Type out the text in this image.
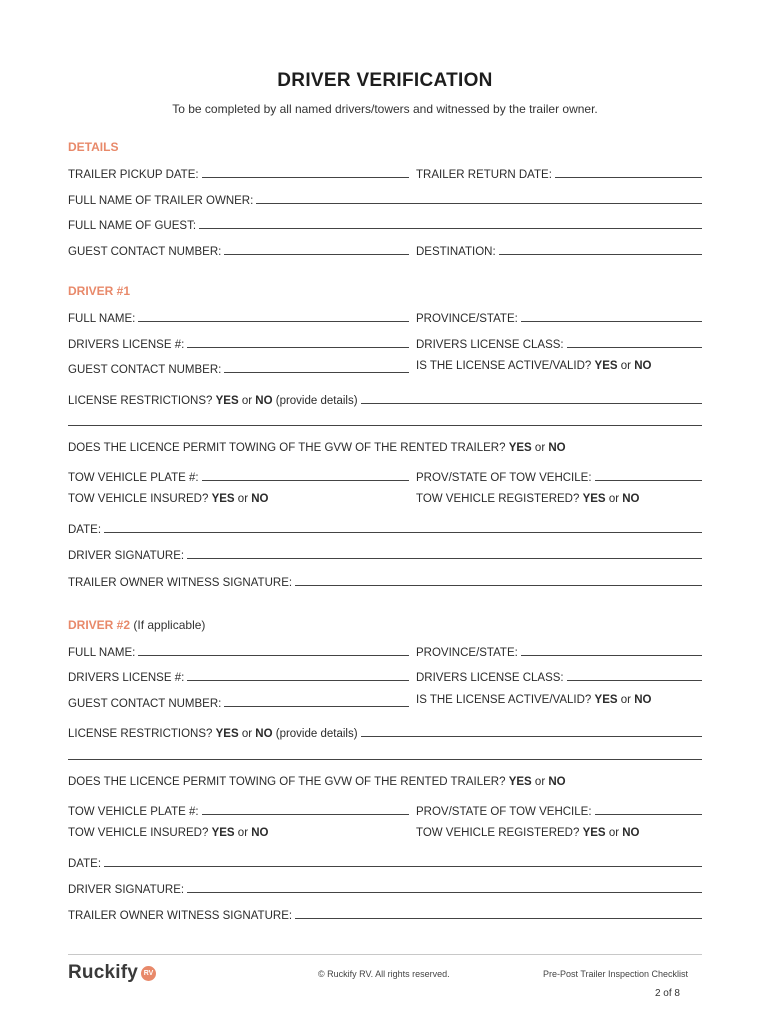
DRIVER VERIFICATION
To be completed by all named drivers/towers and witnessed by the trailer owner.
DETAILS
TRAILER PICKUP DATE:	TRAILER RETURN DATE:
FULL NAME OF TRAILER OWNER:
FULL NAME OF GUEST:
GUEST CONTACT NUMBER:	DESTINATION:
DRIVER #1
FULL NAME:	PROVINCE/STATE:
DRIVERS LICENSE #:	DRIVERS LICENSE CLASS:
GUEST CONTACT NUMBER:	IS THE LICENSE ACTIVE/VALID? YES or NO
LICENSE RESTRICTIONS? YES or NO (provide details)
DOES THE LICENCE PERMIT TOWING OF THE GVW OF THE RENTED TRAILER? YES or NO
TOW VEHICLE PLATE #:	PROV/STATE OF TOW VEHCILE:
TOW VEHICLE INSURED? YES or NO	TOW VEHICLE REGISTERED? YES or NO
DATE:
DRIVER SIGNATURE:
TRAILER OWNER WITNESS SIGNATURE:
DRIVER #2 (If applicable)
FULL NAME:	PROVINCE/STATE:
DRIVERS LICENSE #:	DRIVERS LICENSE CLASS:
GUEST CONTACT NUMBER:	IS THE LICENSE ACTIVE/VALID? YES or NO
LICENSE RESTRICTIONS? YES or NO (provide details)
DOES THE LICENCE PERMIT TOWING OF THE GVW OF THE RENTED TRAILER? YES or NO
TOW VEHICLE PLATE #:	PROV/STATE OF TOW VEHCILE:
TOW VEHICLE INSURED? YES or NO	TOW VEHICLE REGISTERED? YES or NO
DATE:
DRIVER SIGNATURE:
TRAILER OWNER WITNESS SIGNATURE:
Ruckify RV	© Ruckify RV. All rights reserved.	Pre-Post Trailer Inspection Checklist
2 of 8
